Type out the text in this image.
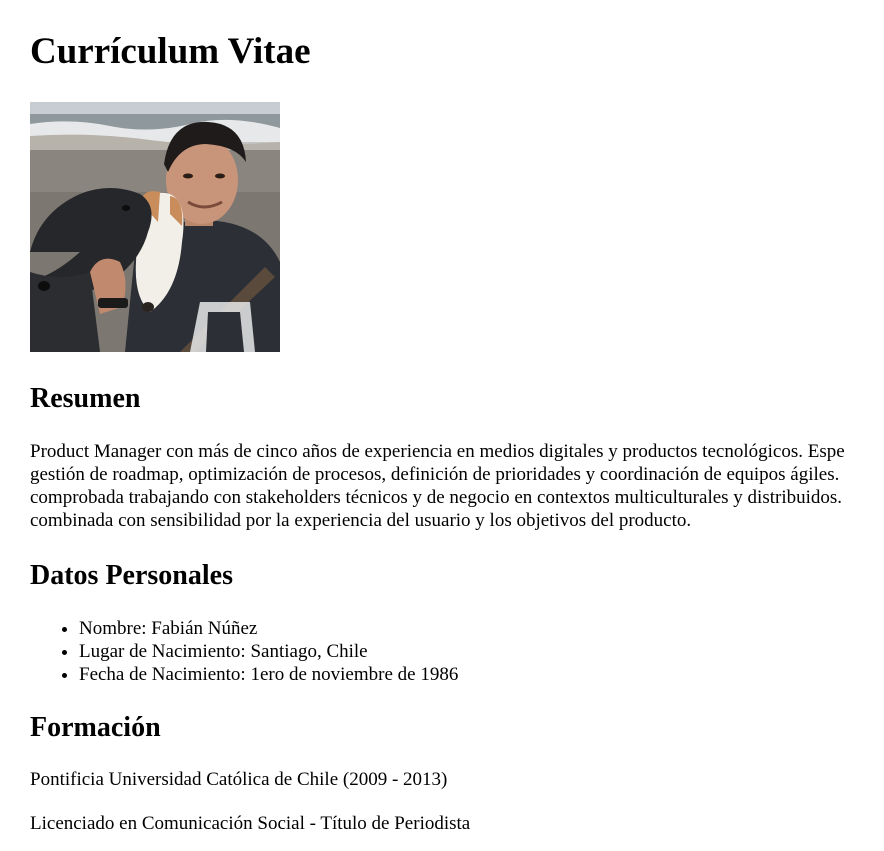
Currículum Vitae
Resumen

Product Manager con más de cinco años de experiencia en medios digitales y productos tecnológicos. Espe
gestión de roadmap, optimización de procesos, definición de prioridades y coordinación de equipos ágiles.
comprobada trabajando con stakeholders técnicos y de negocio en contextos multiculturales y distribuidos.
combinada con sensibilidad por la experiencia del usuario y los objetivos del producto.

Datos Personales
• Nombre: Fabián Núñez
• Lugar de Nacimiento: Santiago, Chile
• Fecha de Nacimiento: 1ero de noviembre de 1986
Formación

Pontificia Universidad Católica de Chile (2009 - 2013)

Licenciado en Comunicación Social - Título de Periodista
